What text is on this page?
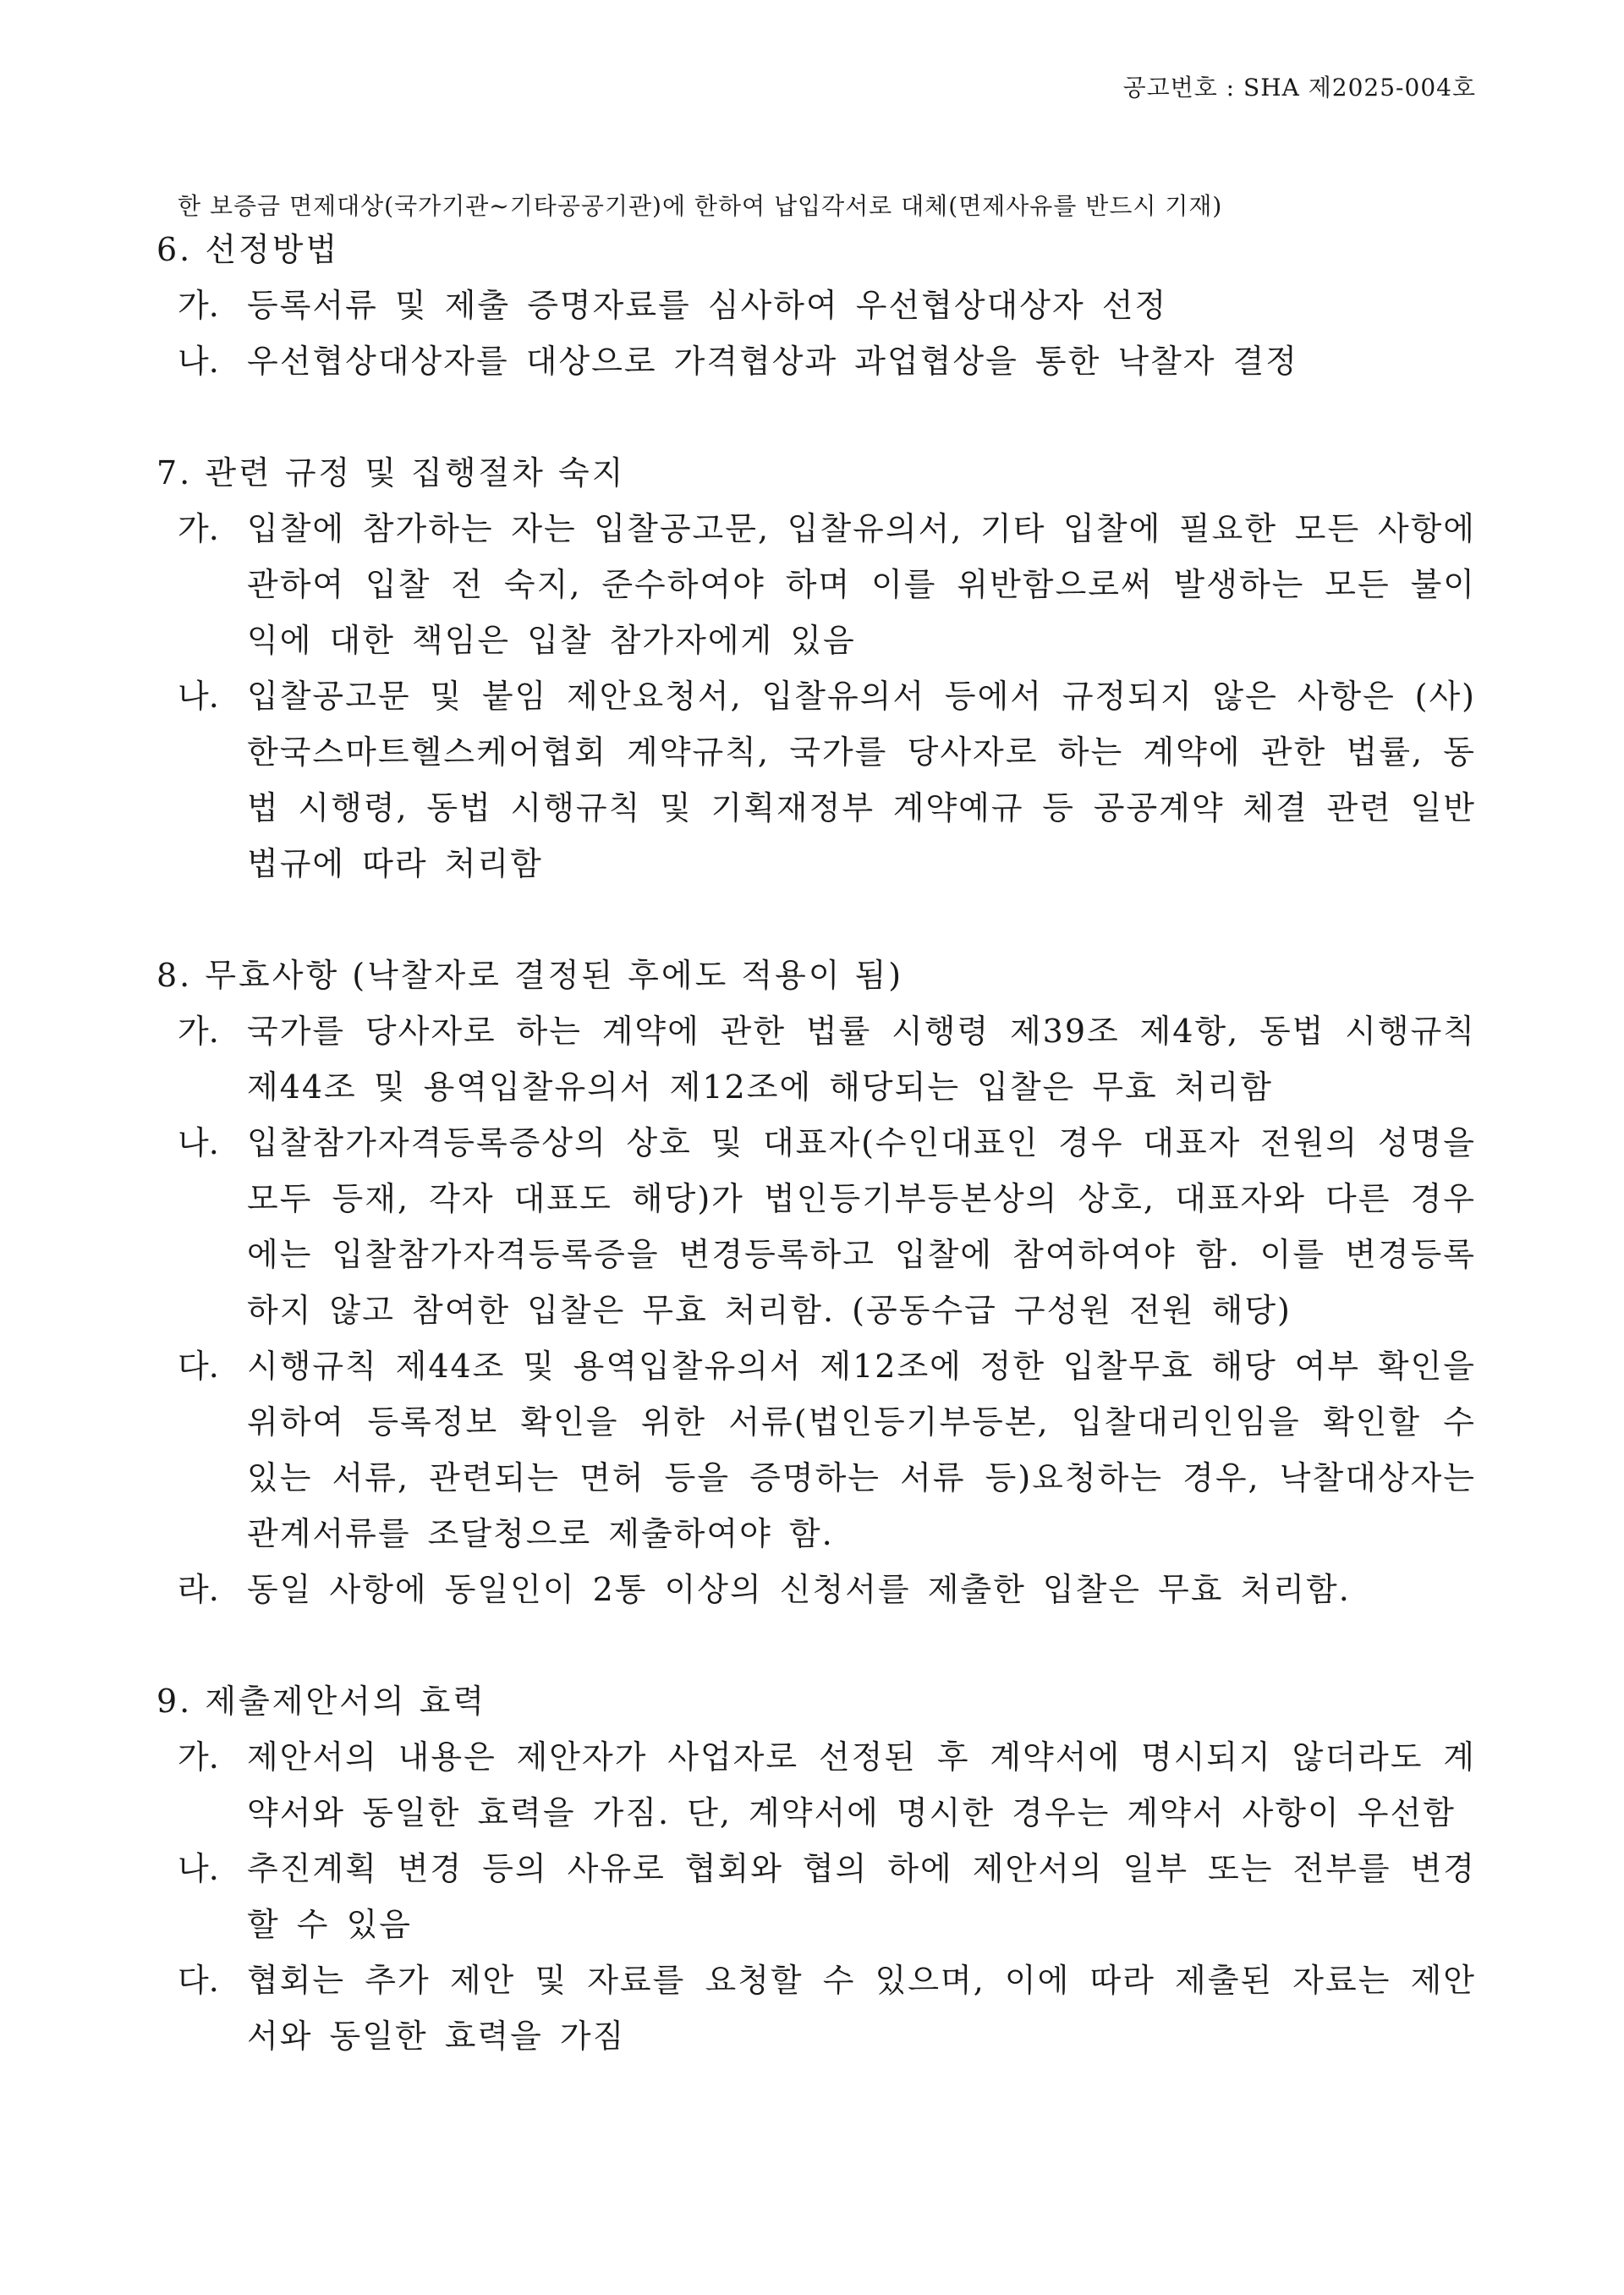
공고번호 : SHA 제2025-004호
한 보증금 면제대상(국가기관~기타공공기관)에 한하여 납입각서로 대체(면제사유를 반드시 기재)
6. 선정방법
가. 등록서류 및 제출 증명자료를 심사하여 우선협상대상자 선정
나. 우선협상대상자를 대상으로 가격협상과 과업협상을 통한 낙찰자 결정
7. 관련 규정 및 집행절차 숙지
가. 입찰에 참가하는 자는 입찰공고문, 입찰유의서, 기타 입찰에 필요한 모든 사항에 관하여 입찰 전 숙지, 준수하여야 하며 이를 위반함으로써 발생하는 모든 불이익에 대한 책임은 입찰 참가자에게 있음
나. 입찰공고문 및 붙임 제안요청서, 입찰유의서 등에서 규정되지 않은 사항은 (사)한국스마트헬스케어협회 계약규칙, 국가를 당사자로 하는 계약에 관한 법률, 동법 시행령, 동법 시행규칙 및 기획재정부 계약예규 등 공공계약 체결 관련 일반 법규에 따라 처리함
8. 무효사항 (낙찰자로 결정된 후에도 적용이 됨)
가. 국가를 당사자로 하는 계약에 관한 법률 시행령 제39조 제4항, 동법 시행규칙 제44조 및 용역입찰유의서 제12조에 해당되는 입찰은 무효 처리함
나. 입찰참가자격등록증상의 상호 및 대표자(수인대표인 경우 대표자 전원의 성명을 모두 등재, 각자 대표도 해당)가 법인등기부등본상의 상호, 대표자와 다른 경우에는 입찰참가자격등록증을 변경등록하고 입찰에 참여하여야 함. 이를 변경등록하지 않고 참여한 입찰은 무효 처리함. (공동수급 구성원 전원 해당)
다. 시행규칙 제44조 및 용역입찰유의서 제12조에 정한 입찰무효 해당 여부 확인을 위하여 등록정보 확인을 위한 서류(법인등기부등본, 입찰대리인임을 확인할 수 있는 서류, 관련되는 면허 등을 증명하는 서류 등)요청하는 경우, 낙찰대상자는 관계서류를 조달청으로 제출하여야 함.
라. 동일 사항에 동일인이 2통 이상의 신청서를 제출한 입찰은 무효 처리함.
9. 제출제안서의 효력
가. 제안서의 내용은 제안자가 사업자로 선정된 후 계약서에 명시되지 않더라도 계약서와 동일한 효력을 가짐. 단, 계약서에 명시한 경우는 계약서 사항이 우선함
나. 추진계획 변경 등의 사유로 협회와 협의 하에 제안서의 일부 또는 전부를 변경할 수 있음
다. 협회는 추가 제안 및 자료를 요청할 수 있으며, 이에 따라 제출된 자료는 제안서와 동일한 효력을 가짐
